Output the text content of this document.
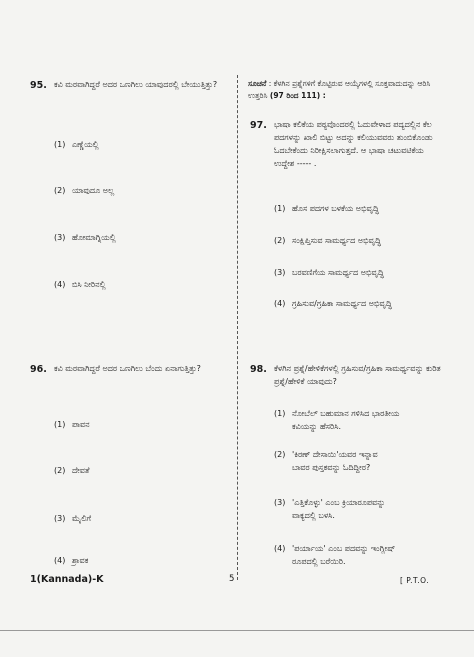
95. ಕವಿ ಮರವಾಗಿದ್ದರೆ ಅದರ ಒಣಗಿಲು ಯಾವುದರಲ್ಲಿ ಬೇಯುತ್ತಿತ್ತು?
(1) ಎಣ್ಣೆಯಲ್ಲಿ
(2) ಯಾವುದೂ ಅಲ್ಲ
(3) ಹೋಮಾಗ್ನಿಯಲ್ಲಿ
(4) ಬಿಸಿ ನೀರಿನಲ್ಲಿ
96. ಕವಿ ಮರವಾಗಿದ್ದರೆ ಅದರ ಒಣಗಿಲು ಬೆಂದು ಏನಾಗುತ್ತಿತ್ತು?
(1) ಪಾವನ
(2) ದೇವತೆ
(3) ಮೈಲಿಗೆ
(4) ಶ್ರಾವಕ
ಸೂಚನೆ : ಕೆಳಗಿನ ಪ್ರಶ್ನೆಗಳಿಗೆ ಕೊಟ್ಟಿರುವ ಆಯ್ಕೆಗಳಲ್ಲಿ ಸೂಕ್ತವಾದುದನ್ನು ಆರಿಸಿ ಉತ್ತರಿಸಿ (97 ರಿಂದ 111) :
97. ಭಾಷಾ ಕಲಿಕೆಯ ಪಠ್ಯವೊಂದರಲ್ಲಿ ಓದುವೇಳಾದ ಪದ್ಯದಲ್ಲಿನ ಕೆಲ ಪದಗಳನ್ನು ಖಾಲಿ ಬಿಟ್ಟು ಅದನ್ನು ಕಲಿಯುವವರು ತುಂಬಿಕೊಂಡು ಓದಬೇಕೆಂದು ನಿರೀಕ್ಷಿಸಲಾಗುತ್ತದೆ. ಆ ಭಾಷಾ ಚಟುವಟಿಕೆಯ ಉದ್ದೇಶ ----- .
(1) ಹೊಸ ಪದಗಳ ಬಳಕೆಯ ಅಭಿವೃದ್ಧಿ
(2) ಸಂಕ್ಷಿಪ್ತಿಸುವ ಸಾಮರ್ಥ್ಯದ ಅಭಿವೃದ್ಧಿ
(3) ಬರವಣಿಗೆಯ ಸಾಮರ್ಥ್ಯದ ಅಭಿವೃದ್ಧಿ
(4) ಗ್ರಹಿಸುವ/ಗ್ರಹಿಕಾ ಸಾಮರ್ಥ್ಯದ ಅಭಿವೃದ್ಧಿ
98. ಕೆಳಗಿನ ಪ್ರಶ್ನೆ/ಹೇಳಿಕೆಗಳಲ್ಲಿ ಗ್ರಹಿಸುವ/ಗ್ರಹಿಕಾ ಸಾಮರ್ಥ್ಯವನ್ನು ಕುರಿತ ಪ್ರಶ್ನೆ/ಹೇಳಿಕೆ ಯಾವುದು?
(1) ನೋಬೆಲ್ ಬಹುಮಾನ ಗಳಿಸಿದ ಭಾರತೀಯ
ಕವಿಯನ್ನು ಹೆಸರಿಸಿ.
(2) 'ಕಿರಣ್ ದೇಸಾಯಿ'ಯವರ ಇನ್ನಾವ
ಬಾವರ ಪುಸ್ತಕವನ್ನು ಓದಿದ್ದೀರ?
(3) 'ಎತ್ತಿಕೊಳ್ಳು' ಎಂಬ ಕ್ರಿಯಾರೂಪವನ್ನು
ವಾಕ್ಯದಲ್ಲಿ ಬಳಸಿ.
(4) 'ಪರ್ಯಾಯ' ಎಂಬ ಪದವನ್ನು ಇಂಗ್ಲೀಷ್
ರೂಪದಲ್ಲಿ ಬರೆಯಿರಿ.
1(Kannada)-K	5	[ P.T.O.
